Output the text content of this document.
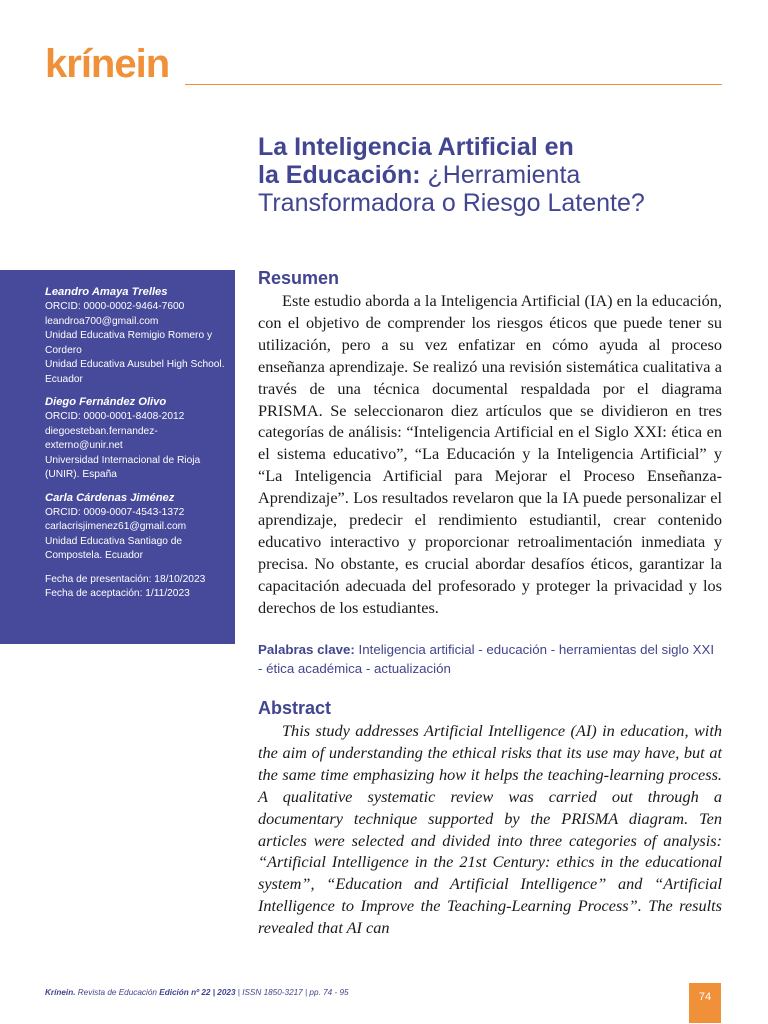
krínein
La Inteligencia Artificial en
la Educación: ¿Herramienta
Transformadora o Riesgo Latente?
Leandro Amaya Trelles
ORCID: 0000-0002-9464-7600
leandroa700@gmail.com
Unidad Educativa Remigio Romero y Cordero
Unidad Educativa Ausubel High School. Ecuador
Diego Fernández Olivo
ORCID: 0000-0001-8408-2012
diegoesteban.fernandez-externo@unir.net
Universidad Internacional de Rioja (UNIR). España
Carla Cárdenas Jiménez
ORCID: 0009-0007-4543-1372
carlacrisjimenez61@gmail.com
Unidad Educativa Santiago de Compostela. Ecuador
Fecha de presentación: 18/10/2023
Fecha de aceptación: 1/11/2023
Resumen

Este estudio aborda a la Inteligencia Artificial (IA) en la educación, con el objetivo de comprender los riesgos éticos que puede tener su utilización, pero a su vez enfatizar en cómo ayuda al proceso enseñanza aprendizaje. Se realizó una revisión sistemática cualitativa a través de una técnica documental respaldada por el diagrama PRISMA. Se seleccionaron diez artículos que se dividieron en tres categorías de análisis: “Inteligencia Artificial en el Siglo XXI: ética en el sistema educativo”, “La Educación y la Inteligencia Artificial” y “La Inteligencia Artificial para Mejorar el Proceso Enseñanza-Aprendizaje”. Los resultados revelaron que la IA puede personalizar el aprendizaje, predecir el rendimiento estudiantil, crear contenido educativo interactivo y proporcionar retroalimentación inmediata y precisa. No obstante, es crucial abordar desafíos éticos, garantizar la capacitación adecuada del profesorado y proteger la privacidad y los derechos de los estudiantes.

Palabras clave: Inteligencia artificial - educación - herramientas del siglo XXI - ética académica - actualización

Abstract

This study addresses Artificial Intelligence (AI) in education, with the aim of understanding the ethical risks that its use may have, but at the same time emphasizing how it helps the teaching-learning process. A qualitative systematic review was carried out through a documentary technique supported by the PRISMA diagram. Ten articles were selected and divided into three categories of analysis: “Artificial Intelligence in the 21st Century: ethics in the educational system”, “Education and Artificial Intelligence” and “Artificial Intelligence to Improve the Teaching-Learning Process”. The results revealed that AI can

Krínein. Revista de Educación Edición nº 22 | 2023 | ISSN 1850-3217 | pp. 74 - 95	74
